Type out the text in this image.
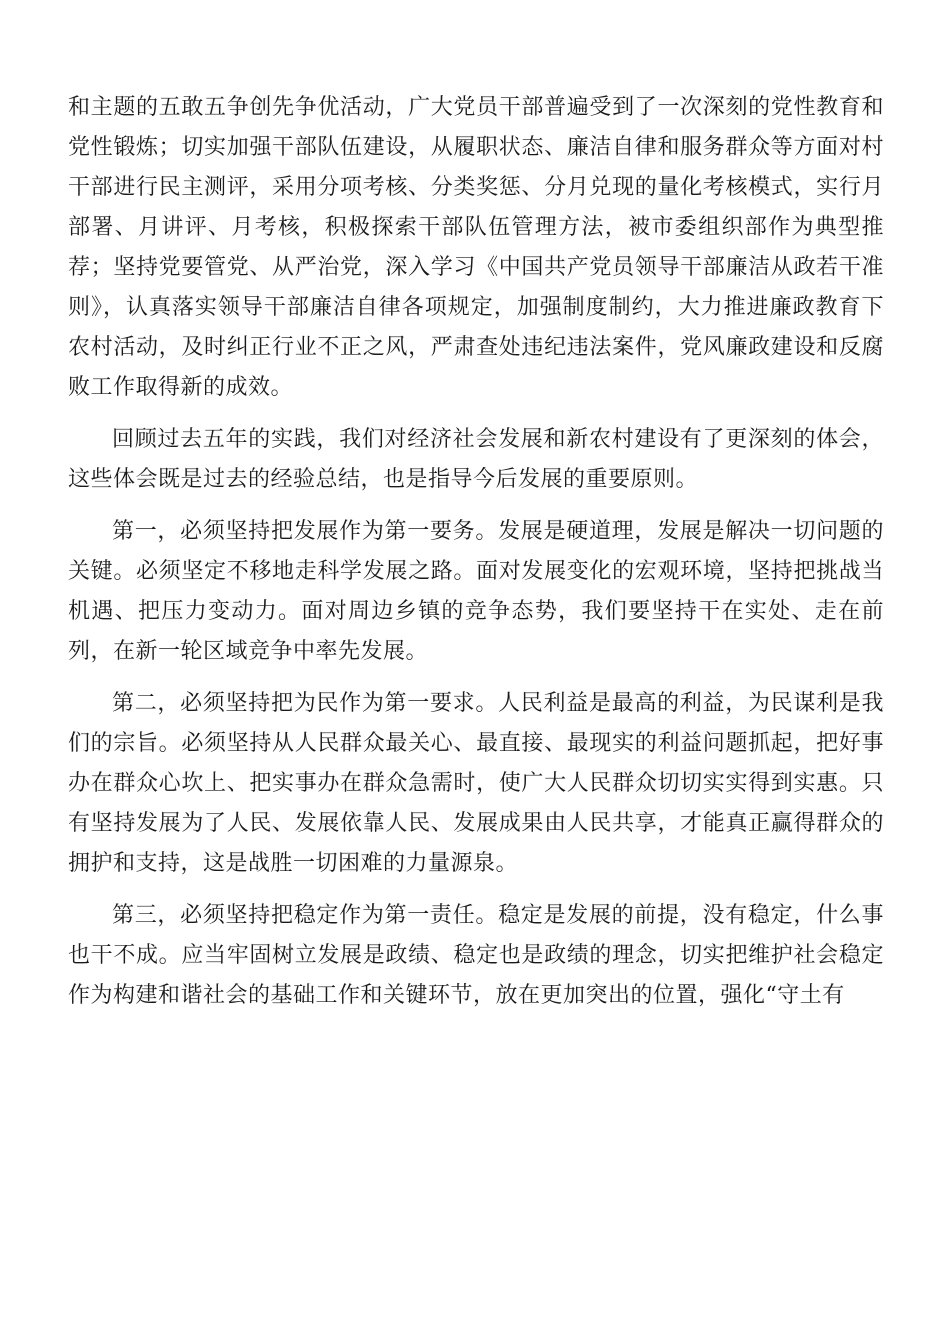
和主题的五敢五争创先争优活动，广大党员干部普遍受到了一次深刻的党性教育和党性锻炼；切实加强干部队伍建设，从履职状态、廉洁自律和服务群众等方面对村干部进行民主测评，采用分项考核、分类奖惩、分月兑现的量化考核模式，实行月部署、月讲评、月考核，积极探索干部队伍管理方法，被市委组织部作为典型推荐；坚持党要管党、从严治党，深入学习《中国共产党员领导干部廉洁从政若干准则》，认真落实领导干部廉洁自律各项规定，加强制度制约，大力推进廉政教育下农村活动，及时纠正行业不正之风，严肃查处违纪违法案件，党风廉政建设和反腐败工作取得新的成效。

回顾过去五年的实践，我们对经济社会发展和新农村建设有了更深刻的体会，这些体会既是过去的经验总结，也是指导今后发展的重要原则。

第一，必须坚持把发展作为第一要务。发展是硬道理，发展是解决一切问题的关键。必须坚定不移地走科学发展之路。面对发展变化的宏观环境，坚持把挑战当机遇、把压力变动力。面对周边乡镇的竞争态势，我们要坚持干在实处、走在前列，在新一轮区域竞争中率先发展。

第二，必须坚持把为民作为第一要求。人民利益是最高的利益，为民谋利是我们的宗旨。必须坚持从人民群众最关心、最直接、最现实的利益问题抓起，把好事办在群众心坎上、把实事办在群众急需时，使广大人民群众切切实实得到实惠。只有坚持发展为了人民、发展依靠人民、发展成果由人民共享，才能真正赢得群众的拥护和支持，这是战胜一切困难的力量源泉。

第三，必须坚持把稳定作为第一责任。稳定是发展的前提，没有稳定，什么事也干不成。应当牢固树立发展是政绩、稳定也是政绩的理念，切实把维护社会稳定作为构建和谐社会的基础工作和关键环节，放在更加突出的位置，强化“守土有
